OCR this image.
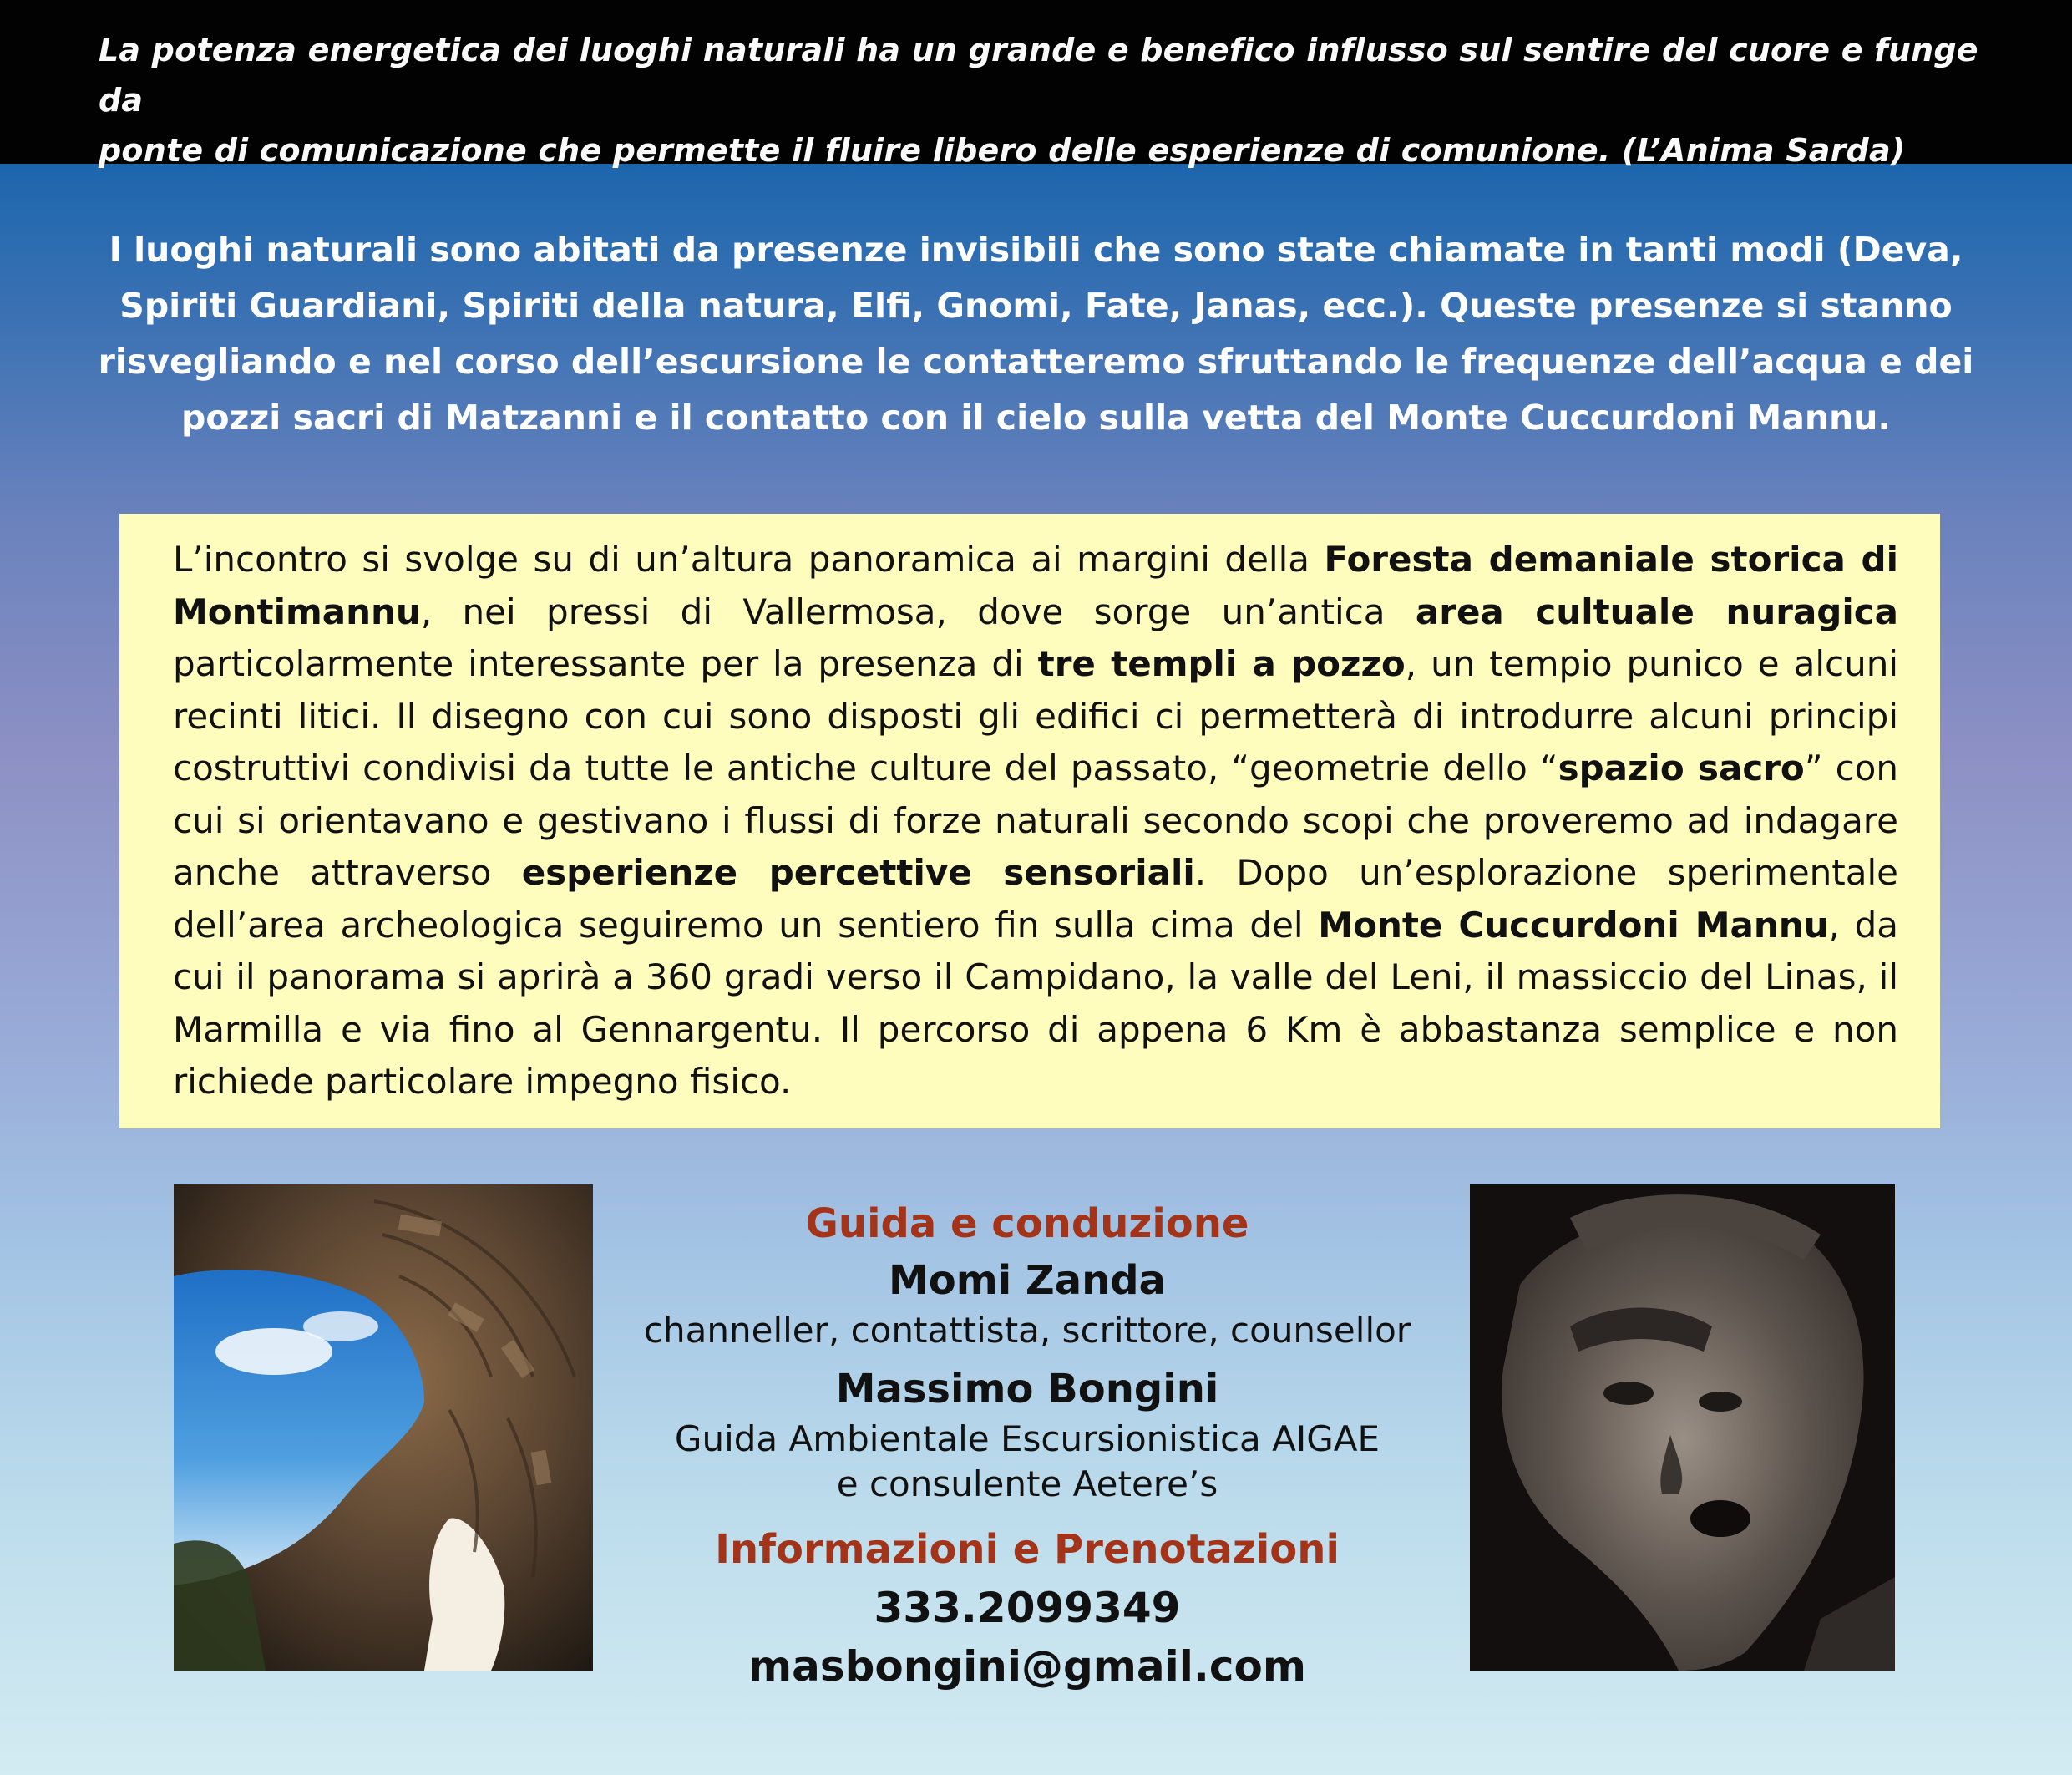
La potenza energetica dei luoghi naturali ha un grande e benefico influsso sul sentire del cuore e funge da
ponte di comunicazione che permette il fluire libero delle esperienze di comunione. (L’Anima Sarda)

I luoghi naturali sono abitati da presenze invisibili che sono state chiamate in tanti modi (Deva,
Spiriti Guardiani, Spiriti della natura, Elfi, Gnomi, Fate, Janas, ecc.). Queste presenze si stanno
risvegliando e nel corso dell’escursione le contatteremo sfruttando le frequenze dell’acqua e dei
pozzi sacri di Matzanni e il contatto con il cielo sulla vetta del Monte Cuccurdoni Mannu.

L’incontro si svolge su di un’altura panoramica ai margini della Foresta demaniale storica di Montimannu, nei pressi di Vallermosa, dove sorge un’antica area cultuale nuragica particolarmente interessante per la presenza di tre templi a pozzo, un tempio punico e alcuni recinti litici. Il disegno con cui sono disposti gli edifici ci permetterà di introdurre alcuni principi costruttivi condivisi da tutte le antiche culture del passato, “geometrie dello “spazio sacro” con cui si orientavano e gestivano i flussi di forze naturali secondo scopi che proveremo ad indagare anche attraverso esperienze percettive sensoriali. Dopo un’esplorazione sperimentale dell’area archeologica seguiremo un sentiero fin sulla cima del Monte Cuccurdoni Mannu, da cui il panorama si aprirà a 360 gradi verso il Campidano, la valle del Leni, il massiccio del Linas, il Marmilla e via fino al Gennargentu. Il percorso di appena 6 Km è abbastanza semplice e non richiede particolare impegno fisico.

Guida e conduzione
Momi Zanda
channeller, contattista, scrittore, counsellor
Massimo Bongini
Guida Ambientale Escursionistica AIGAE
e consulente Aetere’s
Informazioni e Prenotazioni
333.2099349 masbongini@gmail.com
